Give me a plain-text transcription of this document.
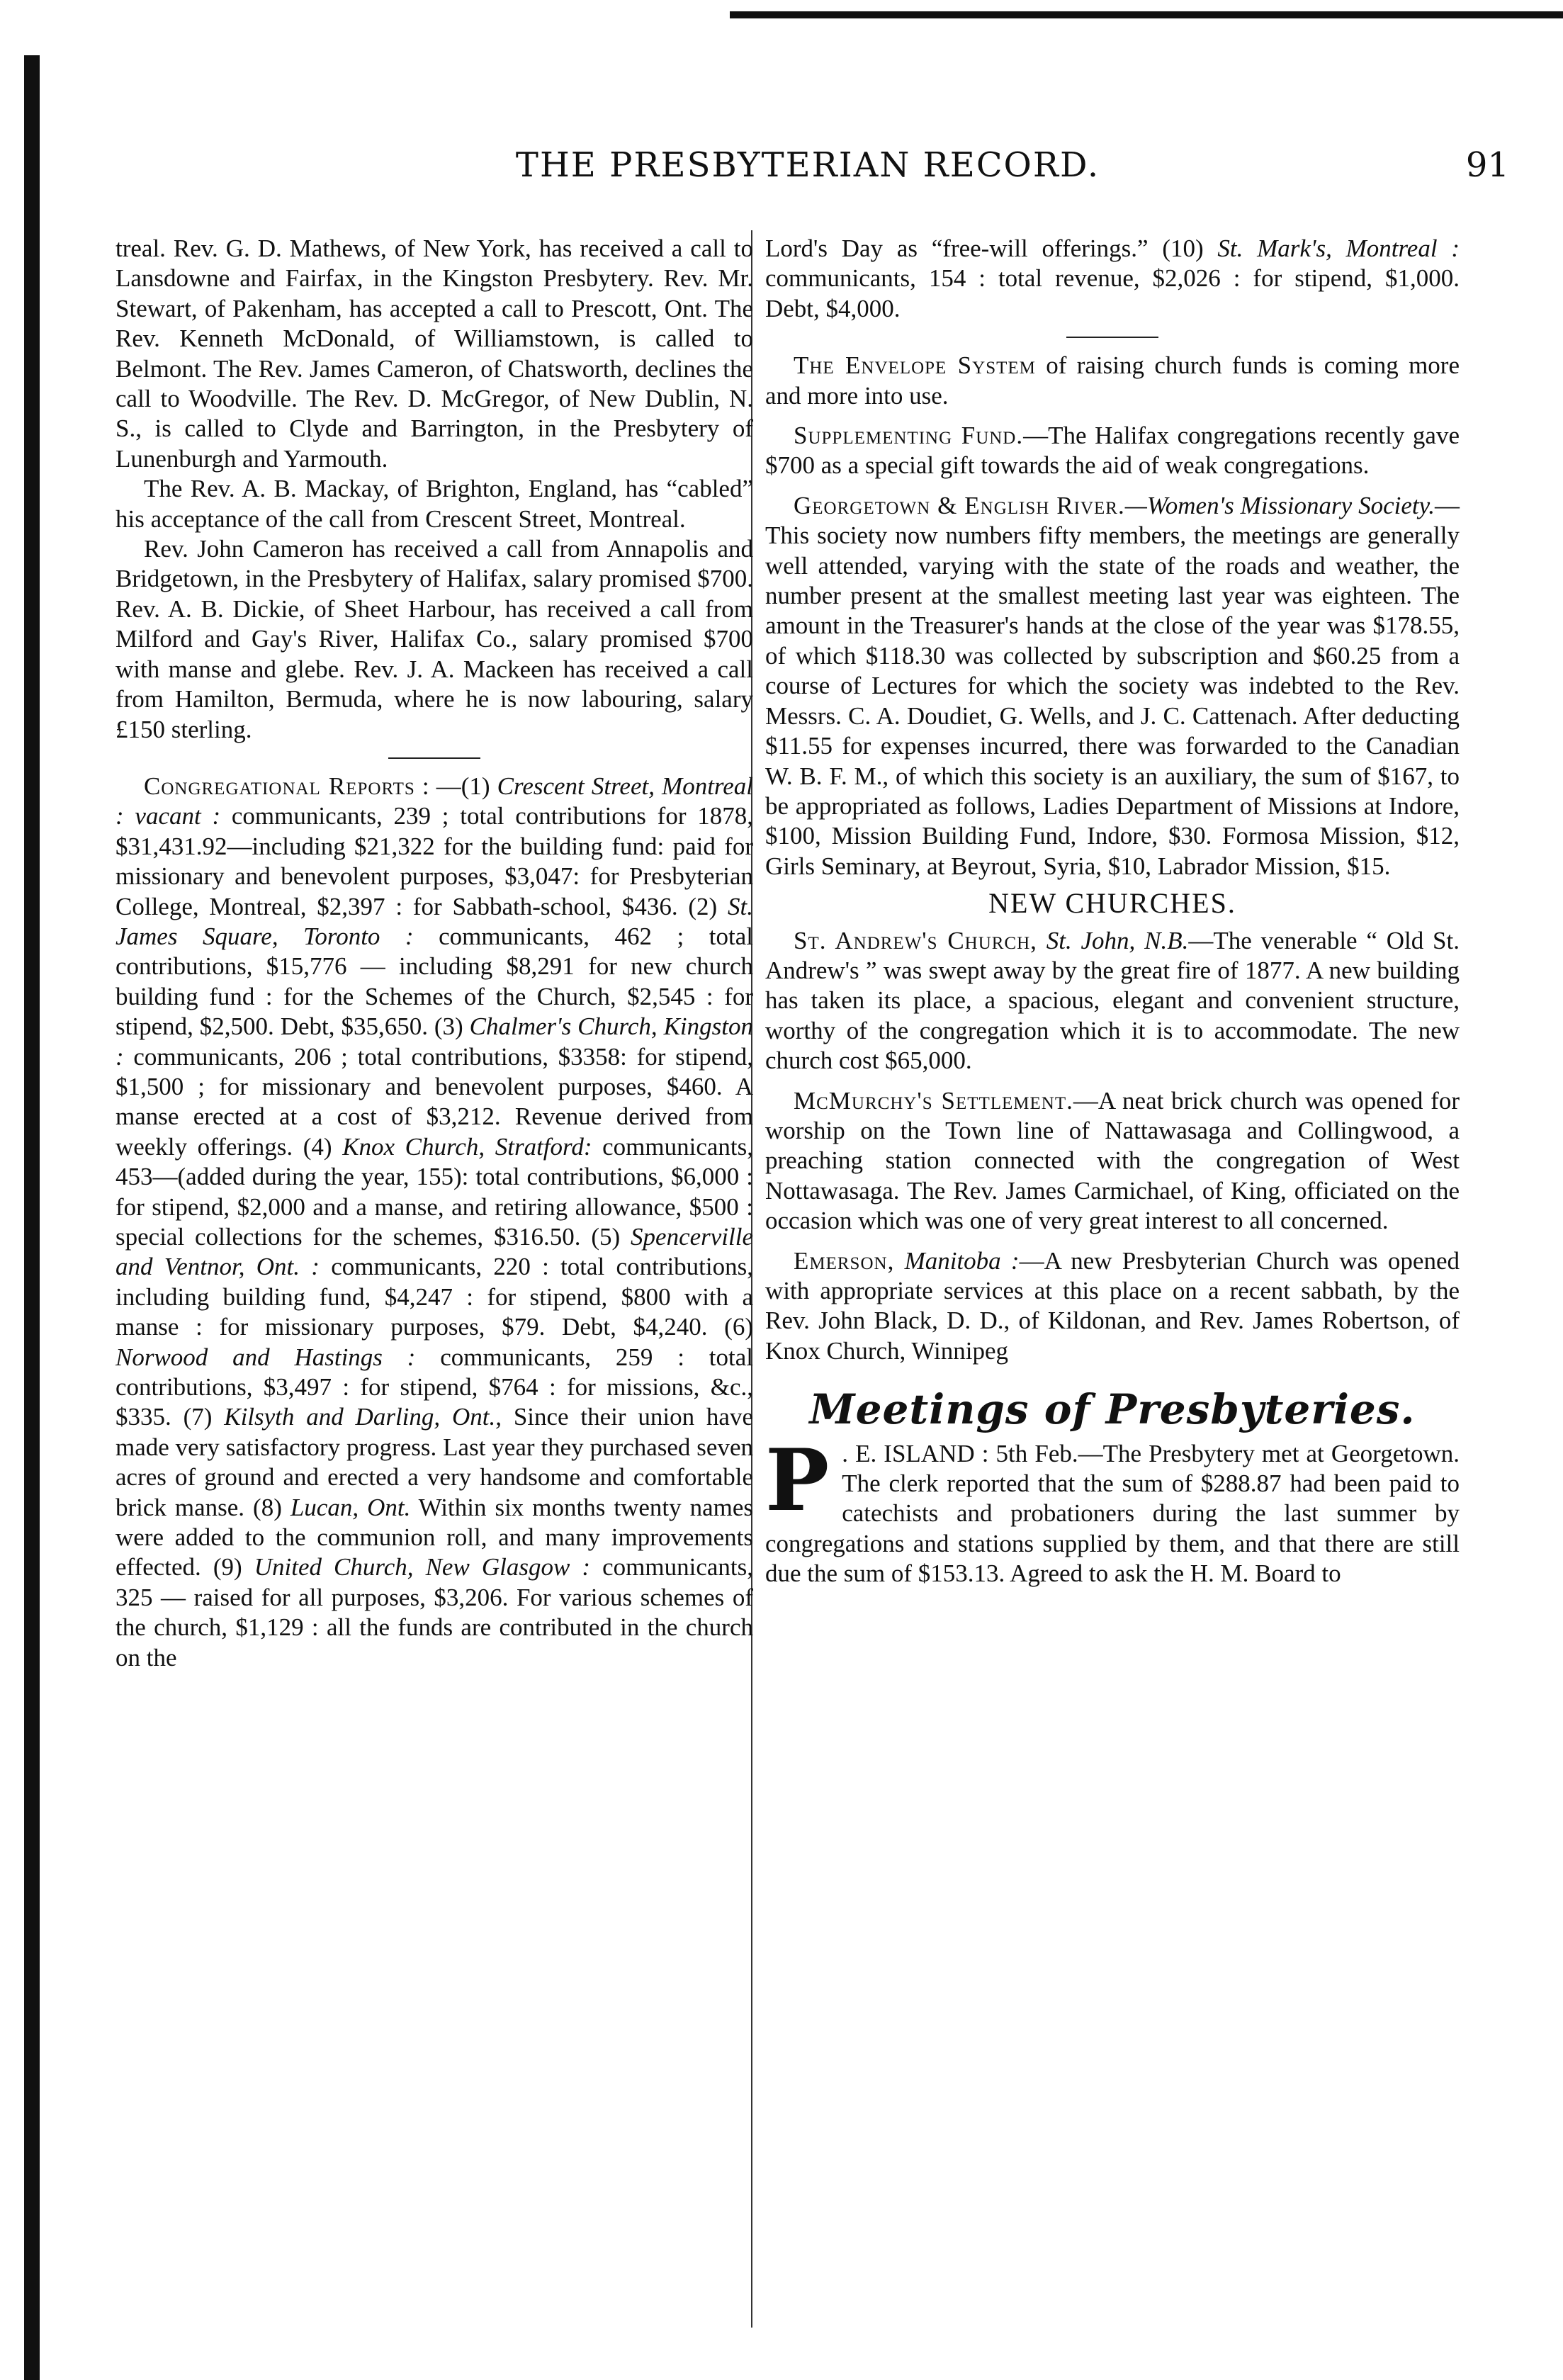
THE PRESBYTERIAN RECORD.	91

treal. Rev. G. D. Mathews, of New York, has received a call to Lansdowne and Fairfax, in the Kingston Presbytery. Rev. Mr. Stewart, of Pakenham, has accepted a call to Prescott, Ont. The Rev. Kenneth McDonald, of Williamstown, is called to Belmont. The Rev. James Cameron, of Chatsworth, declines the call to Woodville. The Rev. D. McGregor, of New Dublin, N. S., is called to Clyde and Barrington, in the Presbytery of Lunenburgh and Yarmouth.

The Rev. A. B. Mackay, of Brighton, England, has “cabled” his acceptance of the call from Crescent Street, Montreal.

Rev. John Cameron has received a call from Annapolis and Bridgetown, in the Presbytery of Halifax, salary promised $700. Rev. A. B. Dickie, of Sheet Harbour, has received a call from Milford and Gay's River, Halifax Co., salary promised $700 with manse and glebe. Rev. J. A. Mackeen has received a call from Hamilton, Bermuda, where he is now labouring, salary £150 sterling.

Congregational Reports : —(1) Crescent Street, Montreal : vacant : communicants, 239 ; total contributions for 1878, $31,431.92—including $21,322 for the building fund: paid for missionary and benevolent purposes, $3,047: for Presbyterian College, Montreal, $2,397 : for Sabbath-school, $436. (2) St. James Square, Toronto : communicants, 462 ; total contributions, $15,776 — including $8,291 for new church building fund : for the Schemes of the Church, $2,545 : for stipend, $2,500. Debt, $35,650. (3) Chalmer's Church, Kingston : communicants, 206 ; total contributions, $3358: for stipend, $1,500 ; for missionary and benevolent purposes, $460. A manse erected at a cost of $3,212. Revenue derived from weekly offerings. (4) Knox Church, Stratford: communicants, 453—(added during the year, 155): total contributions, $6,000 : for stipend, $2,000 and a manse, and retiring allowance, $500 : special collections for the schemes, $316.50. (5) Spencerville and Ventnor, Ont. : communicants, 220 : total contributions, including building fund, $4,247 : for stipend, $800 with a manse : for missionary purposes, $79. Debt, $4,240. (6) Norwood and Hastings : communicants, 259 : total contributions, $3,497 : for stipend, $764 : for missions, &c., $335. (7) Kilsyth and Darling, Ont., Since their union have made very satisfactory progress. Last year they purchased seven acres of ground and erected a very handsome and comfortable brick manse. (8) Lucan, Ont. Within six months twenty names were added to the communion roll, and many improvements effected. (9) United Church, New Glasgow : communicants, 325 — raised for all purposes, $3,206. For various schemes of the church, $1,129 : all the funds are contributed in the church on the

Lord's Day as “free-will offerings.” (10) St. Mark's, Montreal : communicants, 154 : total revenue, $2,026 : for stipend, $1,000. Debt, $4,000.

The Envelope System of raising church funds is coming more and more into use.

Supplementing Fund.—The Halifax congregations recently gave $700 as a special gift towards the aid of weak congregations.

Georgetown & English River.—Women's Missionary Society.—This society now numbers fifty members, the meetings are generally well attended, varying with the state of the roads and weather, the number present at the smallest meeting last year was eighteen. The amount in the Treasurer's hands at the close of the year was $178.55, of which $118.30 was collected by subscription and $60.25 from a course of Lectures for which the society was indebted to the Rev. Messrs. C. A. Doudiet, G. Wells, and J. C. Cattenach. After deducting $11.55 for expenses incurred, there was forwarded to the Canadian W. B. F. M., of which this society is an auxiliary, the sum of $167, to be appropriated as follows, Ladies Department of Missions at Indore, $100, Mission Building Fund, Indore, $30. Formosa Mission, $12, Girls Seminary, at Beyrout, Syria, $10, Labrador Mission, $15.

NEW CHURCHES.

St. Andrew's Church, St. John, N.B.—The venerable “ Old St. Andrew's ” was swept away by the great fire of 1877. A new building has taken its place, a spacious, elegant and convenient structure, worthy of the congregation which it is to accommodate. The new church cost $65,000.

McMurchy's Settlement.—A neat brick church was opened for worship on the Town line of Nattawasaga and Collingwood, a preaching station connected with the congregation of West Nottawasaga. The Rev. James Carmichael, of King, officiated on the occasion which was one of very great interest to all concerned.

Emerson, Manitoba :—A new Presbyterian Church was opened with appropriate services at this place on a recent sabbath, by the Rev. John Black, D. D., of Kildonan, and Rev. James Robertson, of Knox Church, Winnipeg

Meetings of Presbyteries.

P . E. ISLAND : 5th Feb.—The Presbytery met at Georgetown. The clerk reported that the sum of $288.87 had been paid to catechists and probationers during the last summer by congregations and stations supplied by them, and that there are still due the sum of $153.13. Agreed to ask the H. M. Board to
